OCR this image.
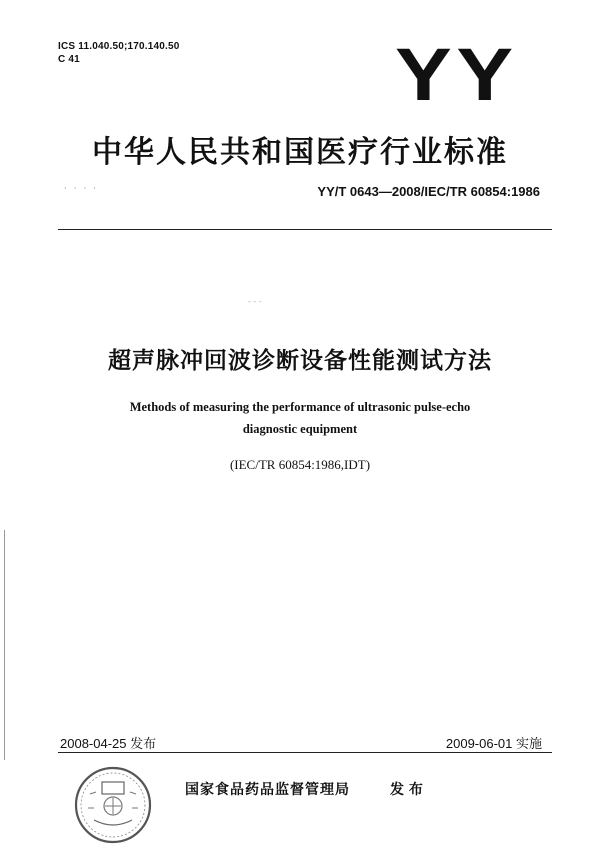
ICS 11.040.50;170.140.50
C 41	YY
中华人民共和国医疗行业标准
· · · ·	YY/T 0643—2008/IEC/TR 60854:1986
‐ ‐ ‐
超声脉冲回波诊断设备性能测试方法
Methods of measuring the performance of ultrasonic pulse-echo
diagnostic equipment
(IEC/TR 60854:1986,IDT)
2008-04-25 发布	2009-06-01 实施
国家食品药品监督管理局	发 布
